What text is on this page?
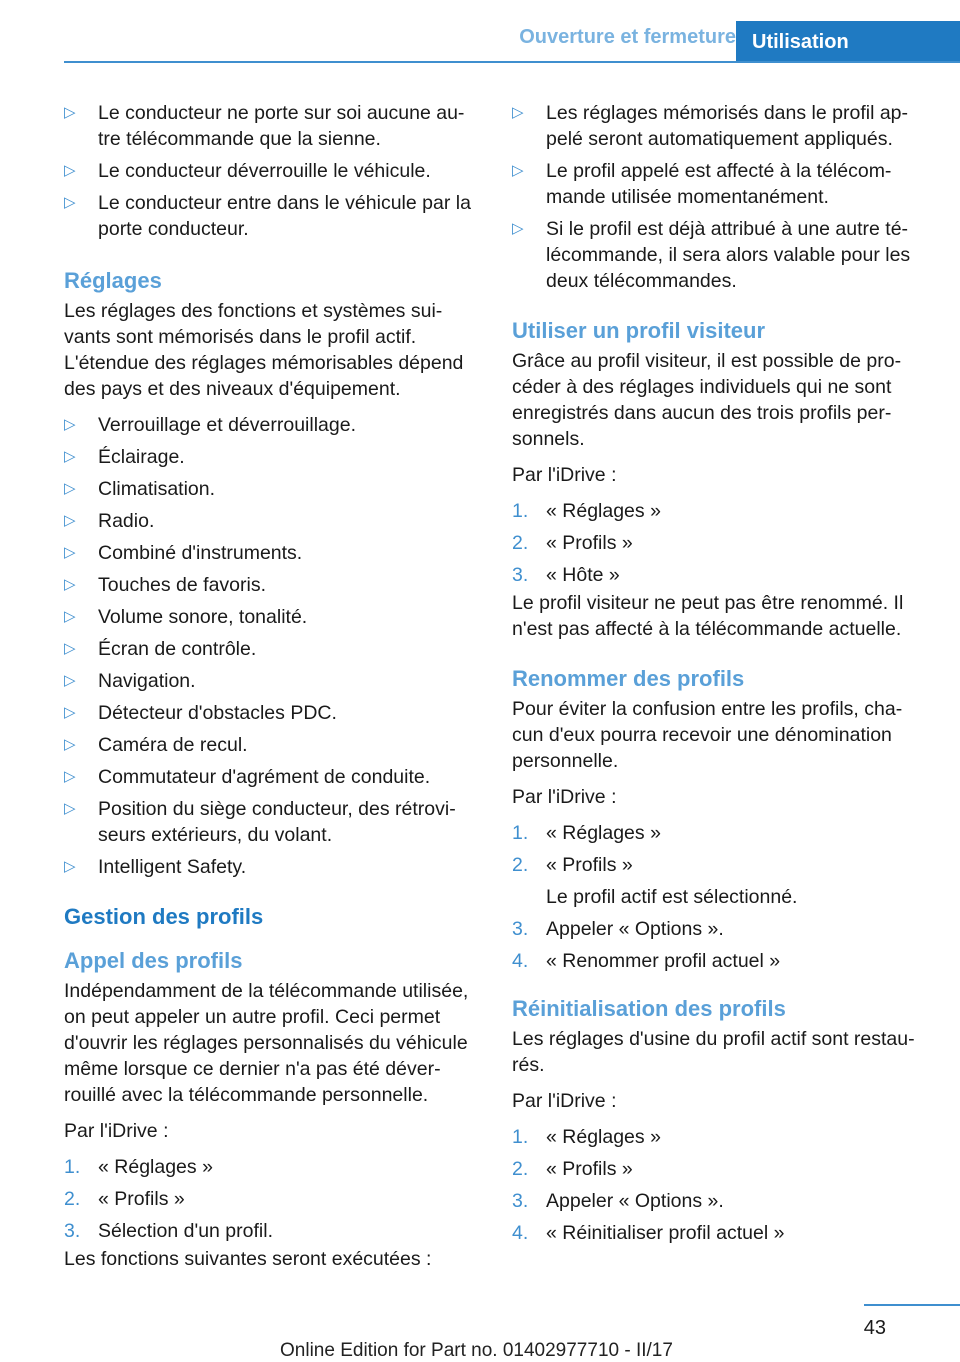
Ouverture et fermeture Utilisation
▷ Le conducteur ne porte sur soi aucune au-tre télécommande que la sienne.
▷ Le conducteur déverrouille le véhicule.
▷ Le conducteur entre dans le véhicule par la porte conducteur.
Réglages

Les réglages des fonctions et systèmes sui-vants sont mémorisés dans le profil actif. L'étendue des réglages mémorisables dépend des pays et des niveaux d'équipement.

▷ Verrouillage et déverrouillage.
▷ Éclairage.
▷ Climatisation.
▷ Radio.
▷ Combiné d'instruments.
▷ Touches de favoris.
▷ Volume sonore, tonalité.
▷ Écran de contrôle.
▷ Navigation.
▷ Détecteur d'obstacles PDC.
▷ Caméra de recul.
▷ Commutateur d'agrément de conduite.
▷ Position du siège conducteur, des rétrovi-seurs extérieurs, du volant.
▷ Intelligent Safety.
Gestion des profils
Appel des profils

Indépendamment de la télécommande utilisée, on peut appeler un autre profil. Ceci permet d'ouvrir les réglages personnalisés du véhicule même lorsque ce dernier n'a pas été déver-rouillé avec la télécommande personnelle.

Par l'iDrive :

1. « Réglages »
2. « Profils »
3. Sélection d'un profil.

Les fonctions suivantes seront exécutées :

▷ Les réglages mémorisés dans le profil ap-pelé seront automatiquement appliqués.
▷ Le profil appelé est affecté à la télécom-mande utilisée momentanément.
▷ Si le profil est déjà attribué à une autre té-lécommande, il sera alors valable pour les deux télécommandes.
Utiliser un profil visiteur

Grâce au profil visiteur, il est possible de pro-céder à des réglages individuels qui ne sont enregistrés dans aucun des trois profils per-sonnels.

Par l'iDrive :

1. « Réglages »
2. « Profils »
3. « Hôte »

Le profil visiteur ne peut pas être renommé. Il n'est pas affecté à la télécommande actuelle.

Renommer des profils

Pour éviter la confusion entre les profils, cha-cun d'eux pourra recevoir une dénomination personnelle.

Par l'iDrive :

1. « Réglages »
2. « Profils »
Le profil actif est sélectionné.
3. Appeler « Options ».
4. « Renommer profil actuel »
Réinitialisation des profils

Les réglages d'usine du profil actif sont restau-rés.

Par l'iDrive :

1. « Réglages »
2. « Profils »
3. Appeler « Options ».
4. « Réinitialiser profil actuel »
43
Online Edition for Part no. 01402977710 - II/17
